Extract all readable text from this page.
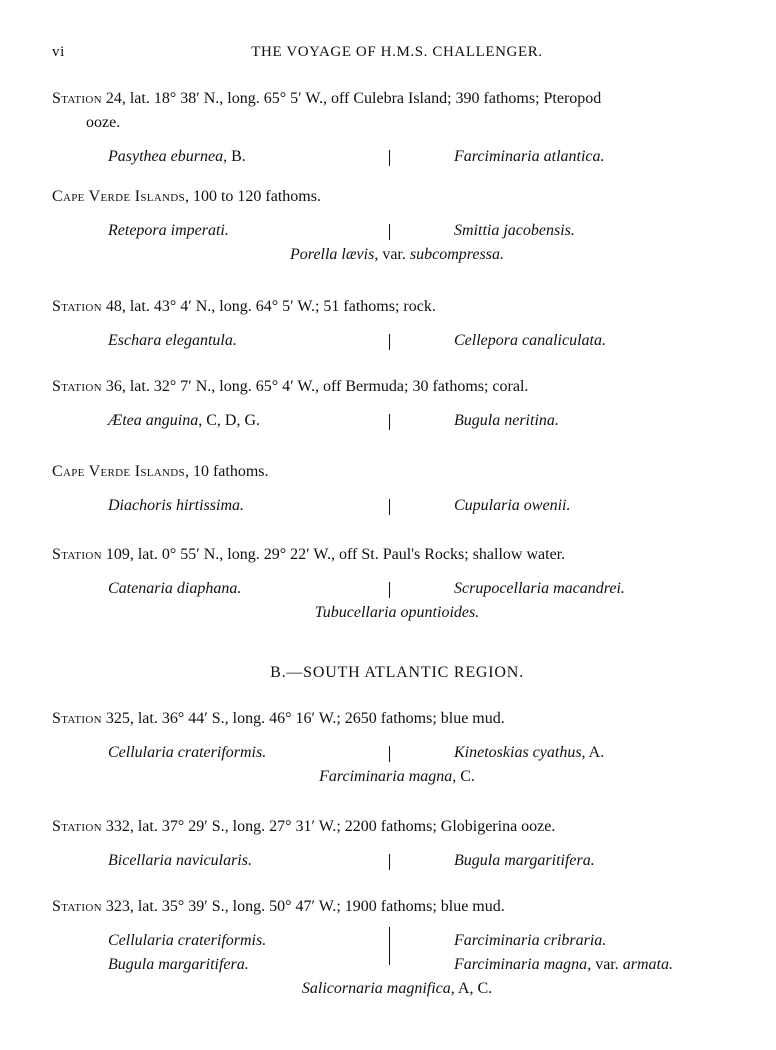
vi	THE VOYAGE OF H.M.S. CHALLENGER.
Station 24, lat. 18° 38′ N., long. 65° 5′ W., off Culebra Island; 390 fathoms; Pteropod
ooze.
Pasythea eburnea, B.	Farciminaria atlantica.
Cape Verde Islands, 100 to 120 fathoms.
Retepora imperati.	Smittia jacobensis.
Porella lævis, var. subcompressa.
Station 48, lat. 43° 4′ N., long. 64° 5′ W.; 51 fathoms; rock.
Eschara elegantula.	Cellepora canaliculata.
Station 36, lat. 32° 7′ N., long. 65° 4′ W., off Bermuda; 30 fathoms; coral.
Ætea anguina, C, D, G.	Bugula neritina.
Cape Verde Islands, 10 fathoms.
Diachoris hirtissima.	Cupularia owenii.
Station 109, lat. 0° 55′ N., long. 29° 22′ W., off St. Paul's Rocks; shallow water.
Catenaria diaphana.	Scrupocellaria macandrei.
Tubucellaria opuntioides.
B.—SOUTH ATLANTIC REGION.
Station 325, lat. 36° 44′ S., long. 46° 16′ W.; 2650 fathoms; blue mud.
Cellularia crateriformis.	Kinetoskias cyathus, A.
Farciminaria magna, C.
Station 332, lat. 37° 29′ S., long. 27° 31′ W.; 2200 fathoms; Globigerina ooze.
Bicellaria navicularis.	Bugula margaritifera.
Station 323, lat. 35° 39′ S., long. 50° 47′ W.; 1900 fathoms; blue mud.
Cellularia crateriformis.	Farciminaria cribraria.
Bugula margaritifera.	Farciminaria magna, var. armata.
Salicornaria magnifica, A, C.
